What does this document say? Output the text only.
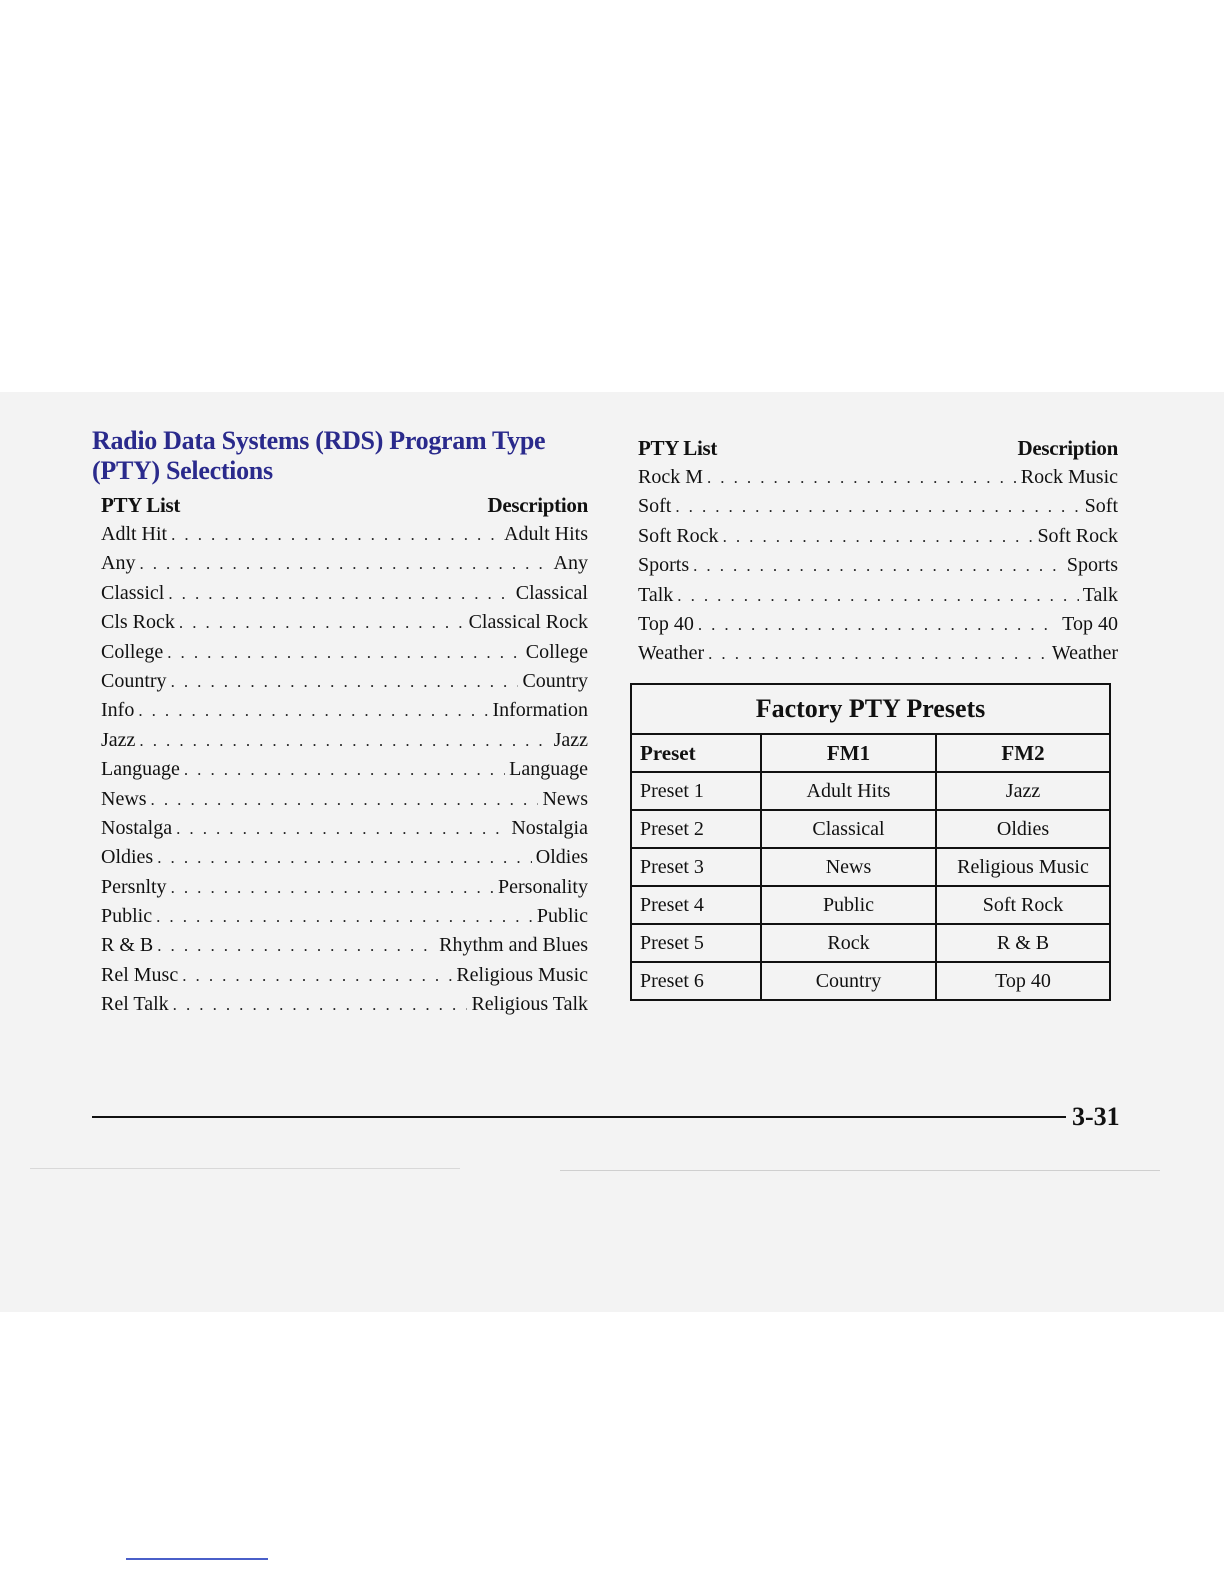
Radio Data Systems (RDS) Program Type (PTY) Selections
PTY List	Description
Adlt Hit . . .	Adult Hits
Any . . .	Any
Classicl . . .	Classical
Cls Rock . . .	Classical Rock
College . . .	College
Country . . .	Country
Info . . .	Information
Jazz . . .	Jazz
Language . . .	Language
News . . .	News
Nostalga . . .	Nostalgia
Oldies . . .	Oldies
Persnlty . . .	Personality
Public . . .	Public
R & B . . .	Rhythm and Blues
Rel Musc . . .	Religious Music
Rel Talk . . .	Religious Talk
PTY List	Description
Rock M . . .	Rock Music
Soft . . .	Soft
Soft Rock . . .	Soft Rock
Sports . . .	Sports
Talk . . .	Talk
Top 40 . . .	Top 40
Weather . . .	Weather
Factory PTY Presets		
Preset	FM1	FM2
Preset 1	Adult Hits	Jazz
Preset 2	Classical	Oldies
Preset 3	News	Religious Music
Preset 4	Public	Soft Rock
Preset 5	Rock	R & B
Preset 6	Country	Top 40
3-31
